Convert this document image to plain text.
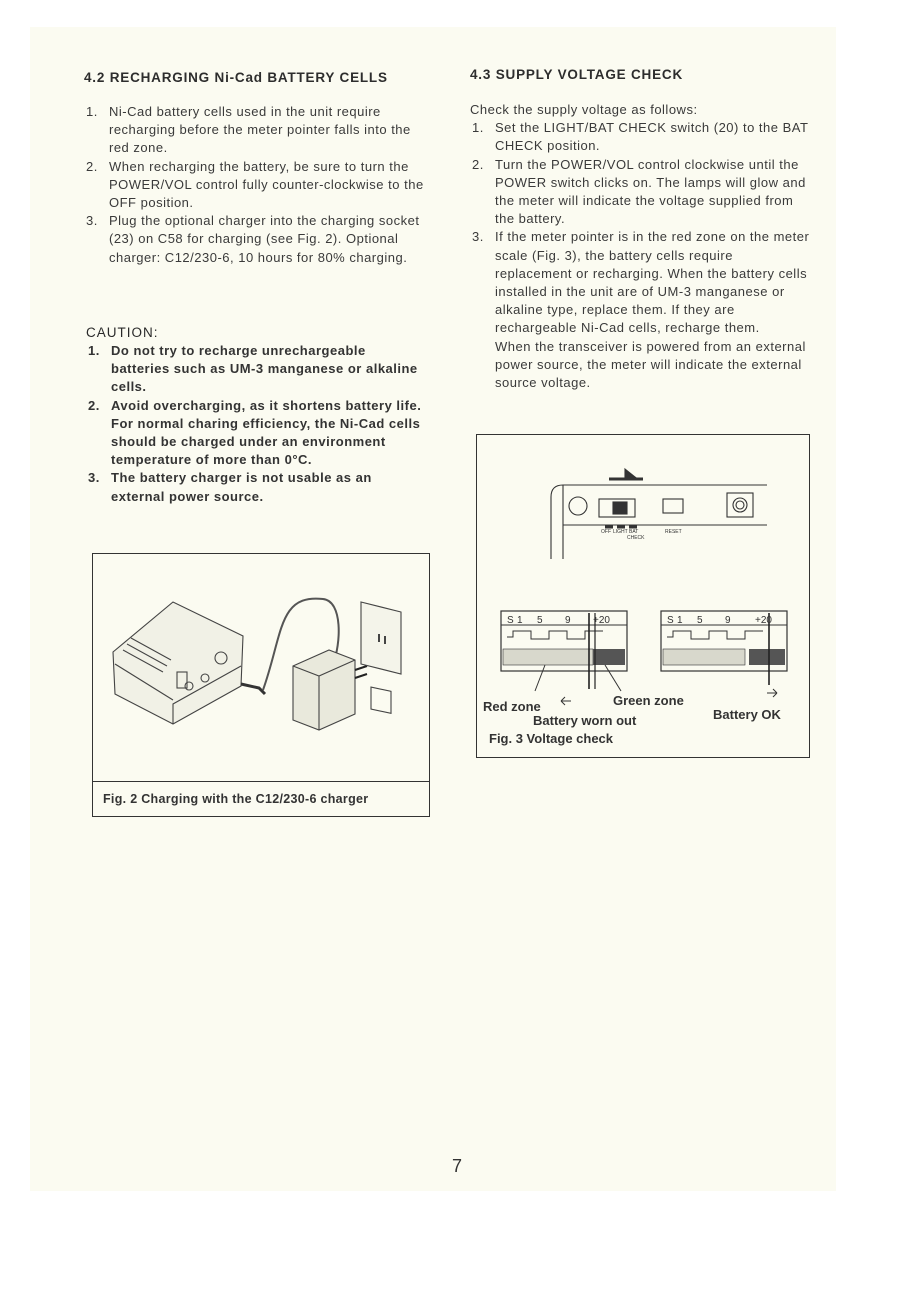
4.2 RECHARGING Ni-Cad BATTERY CELLS
1. Ni-Cad battery cells used in the unit require recharging before the meter pointer falls into the red zone.
2. When recharging the battery, be sure to turn the POWER/VOL control fully counter-clockwise to the OFF position.
3. Plug the optional charger into the charging socket (23) on C58 for charging (see Fig. 2). Optional charger: C12/230-6, 10 hours for 80% charging.
CAUTION:
1. Do not try to recharge unrechargeable batteries such as UM-3 manganese or alkaline cells.
2. Avoid overcharging, as it shortens battery life.
For normal charing efficiency, the Ni-Cad cells should be charged under an environment temperature of more than 0°C.
3. The battery charger is not usable as an external power source.
Fig. 2 Charging with the C12/230-6 charger
4.3 SUPPLY VOLTAGE CHECK
Check the supply voltage as follows:
1. Set the LIGHT/BAT CHECK switch (20) to the BAT CHECK position.
2. Turn the POWER/VOL control clockwise until the POWER switch clicks on. The lamps will glow and the meter will indicate the voltage supplied from the battery.
3. If the meter pointer is in the red zone on the meter scale (Fig. 3), the battery cells require replacement or recharging. When the battery cells installed in the unit are of UM-3 manganese or alkaline type, replace them. If they are rechargeable Ni-Cad cells, recharge them.
When the transceiver is powered from an external power source, the meter will indicate the external source voltage.
OFF LIGHT BAT
CHECK
RESET
S 1 5 9 +20	S 1 5 9 +20
Red zone	Green zone
Battery worn out	Battery OK
Fig. 3 Voltage check
7
